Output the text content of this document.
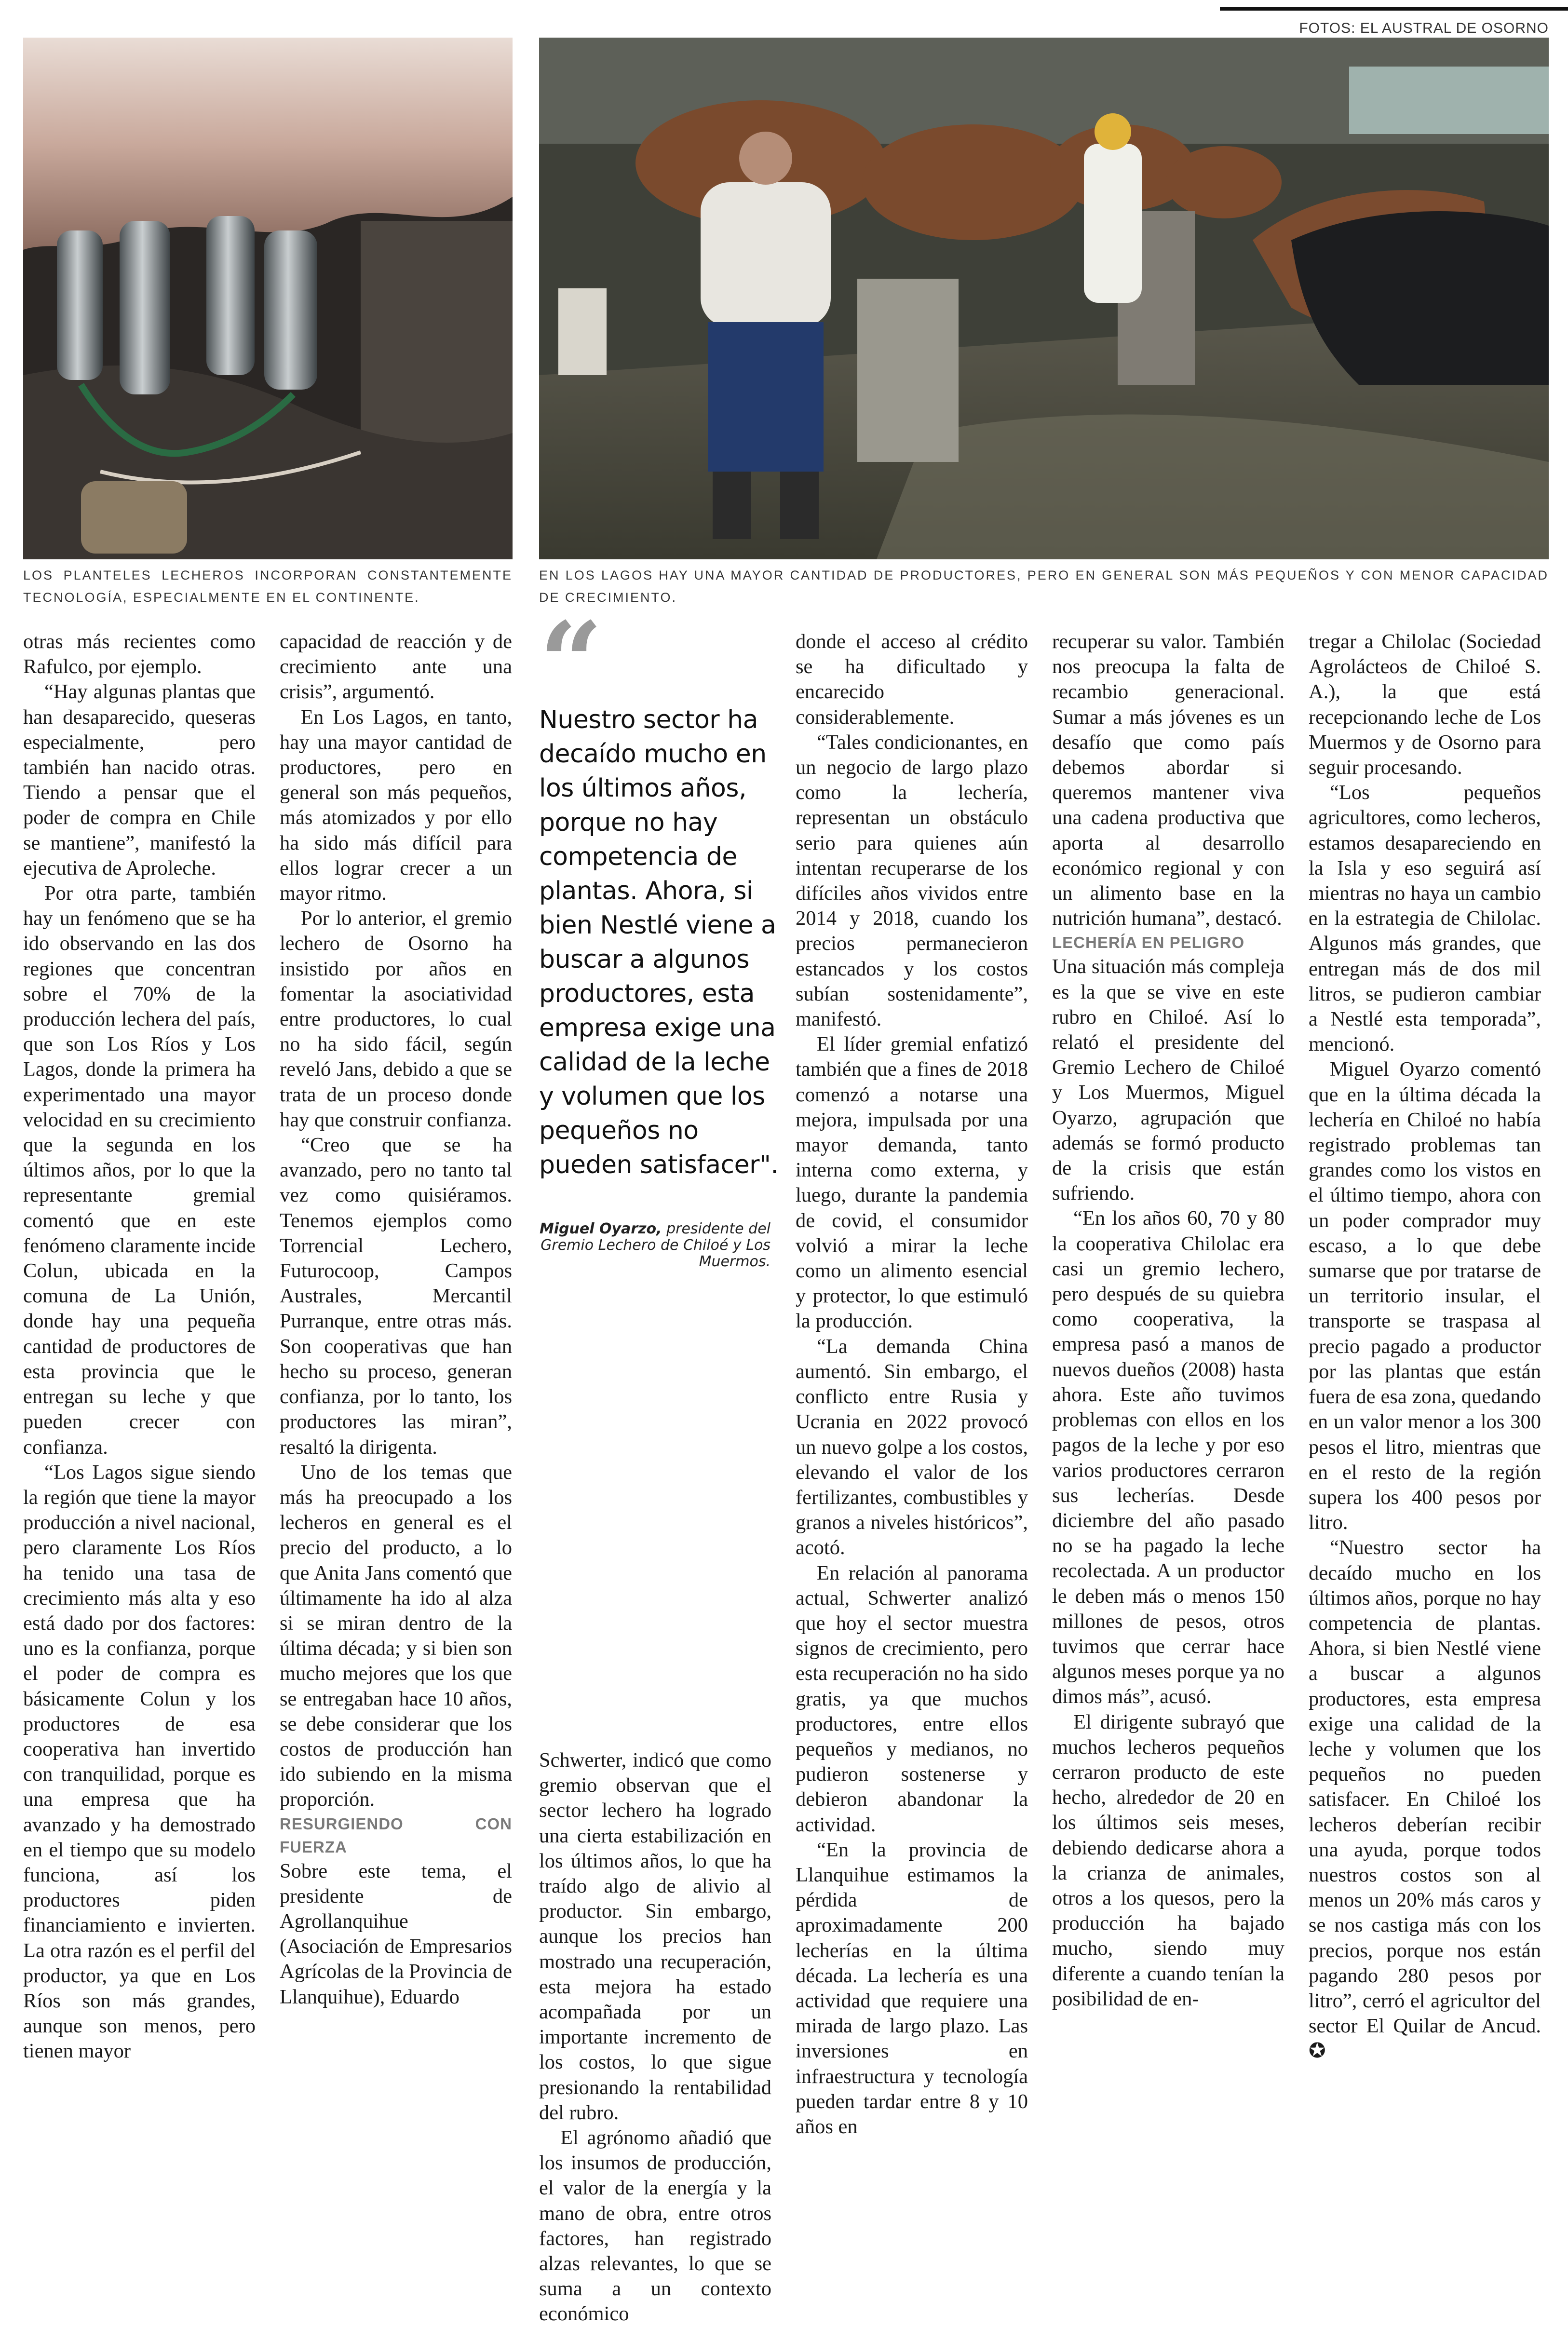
FOTOS: EL AUSTRAL DE OSORNO
LOS PLANTELES LECHEROS INCORPORAN CONSTANTEMENTE TECNOLOGÍA, ESPECIALMENTE EN EL CONTINENTE.
EN LOS LAGOS HAY UNA MAYOR CANTIDAD DE PRODUCTORES, PERO EN GENERAL SON MÁS PEQUEÑOS Y CON MENOR CAPACIDAD DE CRECIMIENTO.

otras más recientes como Rafulco, por ejemplo.

“Hay algunas plantas que han desaparecido, queseras especialmente, pero también han nacido otras. Tiendo a pensar que el poder de compra en Chile se mantiene”, manifestó la ejecutiva de Aproleche.

Por otra parte, también hay un fenómeno que se ha ido observando en las dos regiones que concentran sobre el 70% de la producción lechera del país, que son Los Ríos y Los Lagos, donde la primera ha experimentado una mayor velocidad en su crecimiento que la segunda en los últimos años, por lo que la representante gremial comentó que en este fenómeno claramente incide Colun, ubicada en la comuna de La Unión, donde hay una pequeña cantidad de productores de esta provincia que le entregan su leche y que pueden crecer con confianza.

“Los Lagos sigue siendo la región que tiene la mayor producción a nivel nacional, pero claramente Los Ríos ha tenido una tasa de crecimiento más alta y eso está dado por dos factores: uno es la confianza, porque el poder de compra es básicamente Colun y los productores de esa cooperativa han invertido con tranquilidad, porque es una empresa que ha avanzado y ha demostrado en el tiempo que su modelo funciona, así los productores piden financiamiento e invierten. La otra razón es el perfil del productor, ya que en Los Ríos son más grandes, aunque son menos, pero tienen mayor

capacidad de reacción y de crecimiento ante una crisis”, argumentó.

En Los Lagos, en tanto, hay una mayor cantidad de productores, pero en general son más pequeños, más atomizados y por ello ha sido más difícil para ellos lograr crecer a un mayor ritmo.

Por lo anterior, el gremio lechero de Osorno ha insistido por años en fomentar la asociatividad entre productores, lo cual no ha sido fácil, según reveló Jans, debido a que se trata de un proceso donde hay que construir confianza.

“Creo que se ha avanzado, pero no tanto tal vez como quisiéramos. Tenemos ejemplos como Torrencial Lechero, Futurocoop, Campos Australes, Mercantil Purranque, entre otras más. Son cooperativas que han hecho su proceso, generan confianza, por lo tanto, los productores las miran”, resaltó la dirigenta.

Uno de los temas que más ha preocupado a los lecheros en general es el precio del producto, a lo que Anita Jans comentó que últimamente ha ido al alza si se miran dentro de la última década; y si bien son mucho mejores que los que se entregaban hace 10 años, se debe considerar que los costos de producción han ido subiendo en la misma proporción.

RESURGIENDO CON FUERZA

Sobre este tema, el presidente de Agrollanquihue (Asociación de Empresarios Agrícolas de la Provincia de Llanquihue), Eduardo

“
Nuestro sector ha decaído mucho en los últimos años, porque no hay competencia de plantas. Ahora, si bien Nestlé viene a buscar a algunos productores, esta empresa exige una calidad de la leche y volumen que los pequeños no pueden satisfacer".
Miguel Oyarzo, presidente del Gremio Lechero de Chiloé y Los Muermos.

Schwerter, indicó que como gremio observan que el sector lechero ha logrado una cierta estabilización en los últimos años, lo que ha traído algo de alivio al productor. Sin embargo, aunque los precios han mostrado una recuperación, esta mejora ha estado acompañada por un importante incremento de los costos, lo que sigue presionando la rentabilidad del rubro.

El agrónomo añadió que los insumos de producción, el valor de la energía y la mano de obra, entre otros factores, han registrado alzas relevantes, lo que se suma a un contexto económico

donde el acceso al crédito se ha dificultado y encarecido considerablemente.

“Tales condicionantes, en un negocio de largo plazo como la lechería, representan un obstáculo serio para quienes aún intentan recuperarse de los difíciles años vividos entre 2014 y 2018, cuando los precios permanecieron estancados y los costos subían sostenidamente”, manifestó.

El líder gremial enfatizó también que a fines de 2018 comenzó a notarse una mejora, impulsada por una mayor demanda, tanto interna como externa, y luego, durante la pandemia de covid, el consumidor volvió a mirar la leche como un alimento esencial y protector, lo que estimuló la producción.

“La demanda China aumentó. Sin embargo, el conflicto entre Rusia y Ucrania en 2022 provocó un nuevo golpe a los costos, elevando el valor de los fertilizantes, combustibles y granos a niveles históricos”, acotó.

En relación al panorama actual, Schwerter analizó que hoy el sector muestra signos de crecimiento, pero esta recuperación no ha sido gratis, ya que muchos productores, entre ellos pequeños y medianos, no pudieron sostenerse y debieron abandonar la actividad.

“En la provincia de Llanquihue estimamos la pérdida de aproximadamente 200 lecherías en la última década. La lechería es una actividad que requiere una mirada de largo plazo. Las inversiones en infraestructura y tecnología pueden tardar entre 8 y 10 años en

recuperar su valor. También nos preocupa la falta de recambio generacional. Sumar a más jóvenes es un desafío que como país debemos abordar si queremos mantener viva una cadena productiva que aporta al desarrollo económico regional y con un alimento base en la nutrición humana”, destacó.

LECHERÍA EN PELIGRO

Una situación más compleja es la que se vive en este rubro en Chiloé. Así lo relató el presidente del Gremio Lechero de Chiloé y Los Muermos, Miguel Oyarzo, agrupación que además se formó producto de la crisis que están sufriendo.

“En los años 60, 70 y 80 la cooperativa Chilolac era casi un gremio lechero, pero después de su quiebra como cooperativa, la empresa pasó a manos de nuevos dueños (2008) hasta ahora. Este año tuvimos problemas con ellos en los pagos de la leche y por eso varios productores cerraron sus lecherías. Desde diciembre del año pasado no se ha pagado la leche recolectada. A un productor le deben más o menos 150 millones de pesos, otros tuvimos que cerrar hace algunos meses porque ya no dimos más”, acusó.

El dirigente subrayó que muchos lecheros pequeños cerraron producto de este hecho, alrededor de 20 en los últimos seis meses, debiendo dedicarse ahora a la crianza de animales, otros a los quesos, pero la producción ha bajado mucho, siendo muy diferente a cuando tenían la posibilidad de en-

tregar a Chilolac (Sociedad Agrolácteos de Chiloé S. A.), la que está recepcionando leche de Los Muermos y de Osorno para seguir procesando.

“Los pequeños agricultores, como lecheros, estamos desapareciendo en la Isla y eso seguirá así mientras no haya un cambio en la estrategia de Chilolac. Algunos más grandes, que entregan más de dos mil litros, se pudieron cambiar a Nestlé esta temporada”, mencionó.

Miguel Oyarzo comentó que en la última década la lechería en Chiloé no había registrado problemas tan grandes como los vistos en el último tiempo, ahora con un poder comprador muy escaso, a lo que debe sumarse que por tratarse de un territorio insular, el transporte se traspasa al precio pagado a productor por las plantas que están fuera de esa zona, quedando en un valor menor a los 300 pesos el litro, mientras que en el resto de la región supera los 400 pesos por litro.

“Nuestro sector ha decaído mucho en los últimos años, porque no hay competencia de plantas. Ahora, si bien Nestlé viene a buscar a algunos productores, esta empresa exige una calidad de la leche y volumen que los pequeños no pueden satisfacer. En Chiloé los lecheros deberían recibir una ayuda, porque todos nuestros costos son al menos un 20% más caros y se nos castiga más con los precios, porque nos están pagando 280 pesos por litro”, cerró el agricultor del sector El Quilar de Ancud. ✪
